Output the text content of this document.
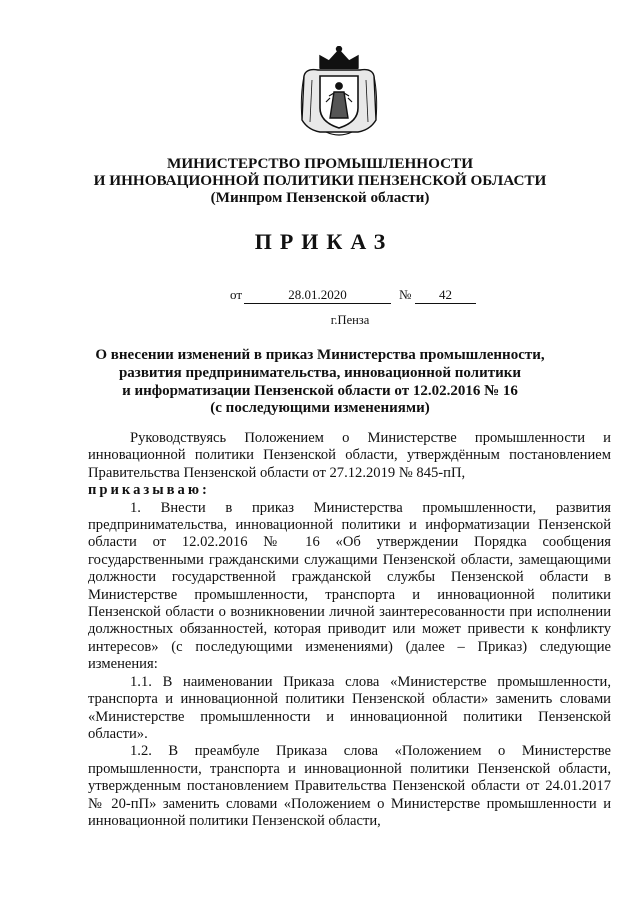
МИНИСТЕРСТВО ПРОМЫШЛЕННОСТИ
И ИННОВАЦИОННОЙ ПОЛИТИКИ ПЕНЗЕНСКОЙ ОБЛАСТИ
(Минпром Пензенской области)
ПРИКАЗ
от	28.01.2020	№	42
г.Пенза
О внесении изменений в приказ Министерства промышленности,
развития предпринимательства, инновационной политики
и информатизации Пензенской области от 12.02.2016 № 16
(с последующими изменениями)

Руководствуясь Положением о Министерстве промышленности и инновационной политики Пензенской области, утверждённым постановлением Правительства Пензенской области от 27.12.2019 № 845-пП,

приказываю:

1. Внести в приказ Министерства промышленности, развития предпринимательства, инновационной политики и информатизации Пензенской области от 12.02.2016 № 16 «Об утверждении Порядка сообщения государственными гражданскими служащими Пензенской области, замещающими должности государственной гражданской службы Пензенской области в Министерстве промышленности, транспорта и инновационной политики Пензенской области о возникновении личной заинтересованности при исполнении должностных обязанностей, которая приводит или может привести к конфликту интересов» (с последующими изменениями) (далее – Приказ) следующие изменения:

1.1. В наименовании Приказа слова «Министерстве промышленности, транспорта и инновационной политики Пензенской области» заменить словами «Министерстве промышленности и инновационной политики Пензенской области».

1.2. В преамбуле Приказа слова «Положением о Министерстве промышленности, транспорта и инновационной политики Пензенской области, утвержденным постановлением Правительства Пензенской области от 24.01.2017 № 20-пП» заменить словами «Положением о Министерстве промышленности и инновационной политики Пензенской области,
